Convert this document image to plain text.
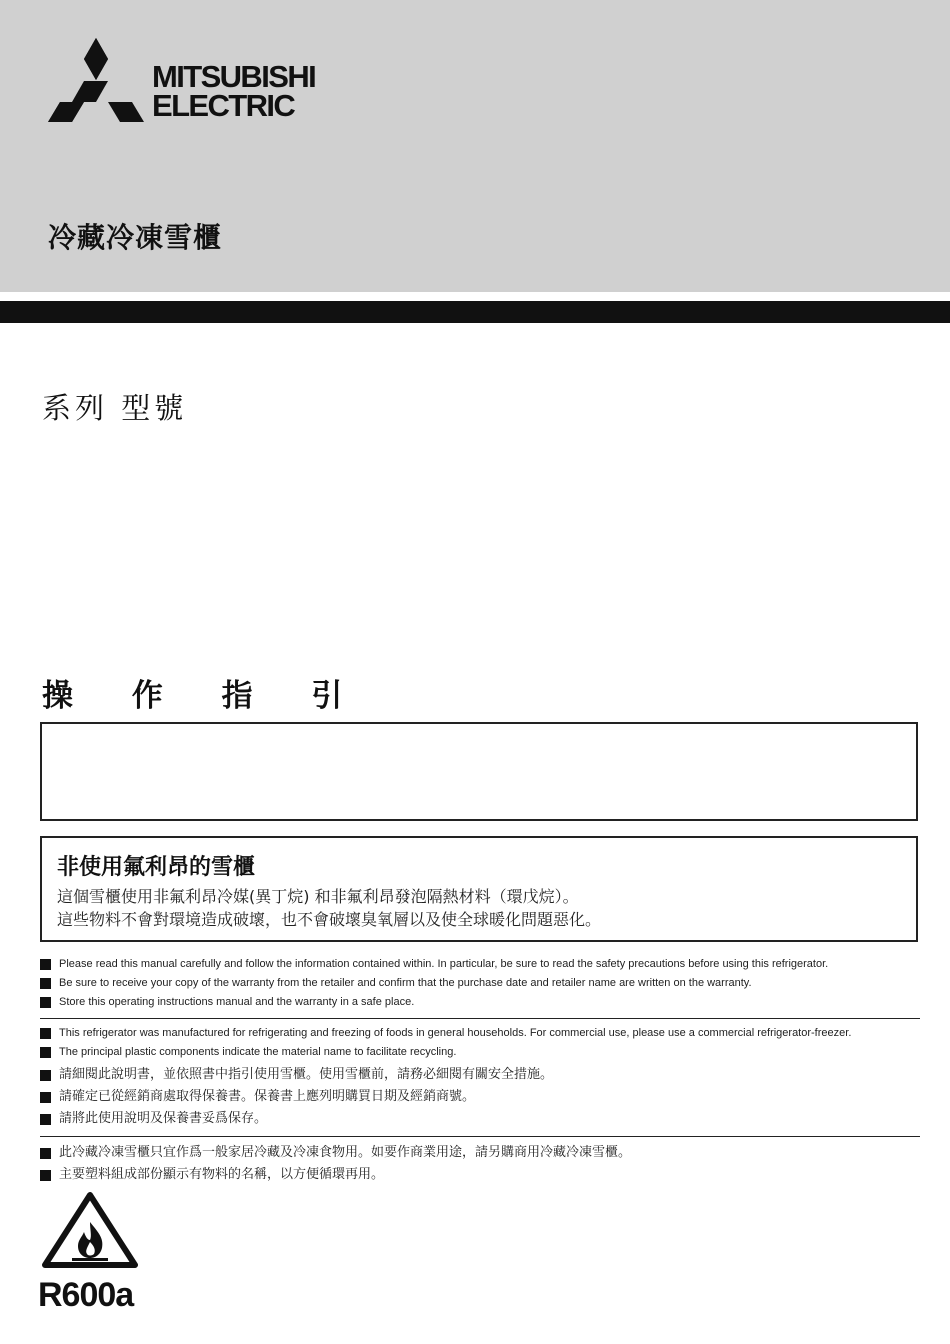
MITSUBISHI
ELECTRIC
冷藏冷凍雪櫃
系列 型號
操 作 指 引
非使用氟利昂的雪櫃
這個雪櫃使用非氟利昂冷媒(異丁烷) 和非氟利昂發泡隔熱材料（環戊烷）。
這些物料不會對環境造成破壞，也不會破壞臭氧層以及使全球暖化問題惡化。
Please read this manual carefully and follow the information contained within. In particular, be sure to read the safety precautions before using this refrigerator.
Be sure to receive your copy of the warranty from the retailer and confirm that the purchase date and retailer name are written on the warranty.
Store this operating instructions manual and the warranty in a safe place.
This refrigerator was manufactured for refrigerating and freezing of foods in general households. For commercial use, please use a commercial refrigerator-freezer.
The principal plastic components indicate the material name to facilitate recycling.
請細閱此說明書，並依照書中指引使用雪櫃。使用雪櫃前，請務必細閱有關安全措施。
請確定已從經銷商處取得保養書。保養書上應列明購買日期及經銷商號。
請將此使用說明及保養書妥爲保存。
此冷藏冷凍雪櫃只宜作爲一般家居冷藏及冷凍食物用。如要作商業用途，請另購商用冷藏冷凍雪櫃。
主要塑料組成部份顯示有物料的名稱，以方便循環再用。
R600a
